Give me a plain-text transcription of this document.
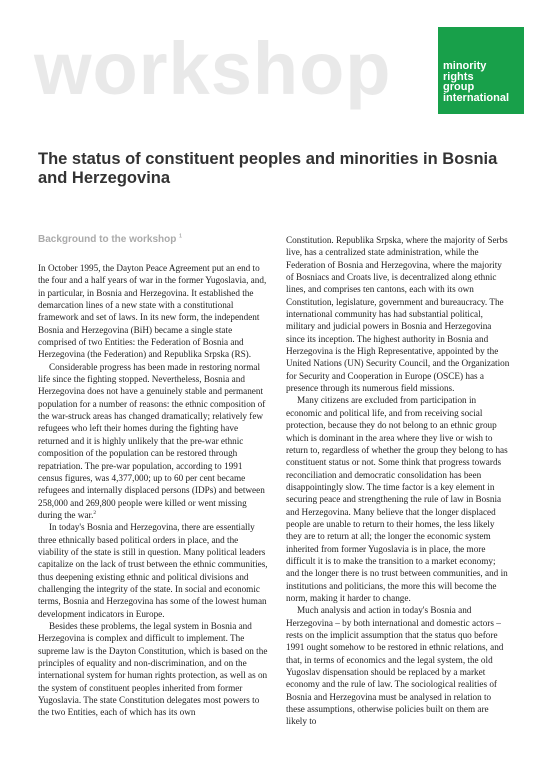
workshop	minority
rights
group
international
The status of constituent peoples and minorities in Bosnia and Herzegovina
Background to the workshop $^1$

In October 1995, the Dayton Peace Agreement put an end to the four and a half years of war in the former Yugoslavia, and, in particular, in Bosnia and Herzegovina. It established the demarcation lines of a new state with a constitutional framework and set of laws. In its new form, the independent Bosnia and Herzegovina (BiH) became a single state comprised of two Entities: the Federation of Bosnia and Herzegovina (the Federation) and Republika Srpska (RS).

Considerable progress has been made in restoring normal life since the fighting stopped. Nevertheless, Bosnia and Herzegovina does not have a genuinely stable and permanent population for a number of reasons: the ethnic composition of the war-struck areas has changed dramatically; relatively few refugees who left their homes during the fighting have returned and it is highly unlikely that the pre-war ethnic composition of the population can be restored through repatriation. The pre-war population, according to 1991 census figures, was 4,377,000; up to 60 per cent became refugees and internally displaced persons (IDPs) and between 258,000 and 269,800 people were killed or went missing during the war.$^2$

In today's Bosnia and Herzegovina, there are essentially three ethnically based political orders in place, and the viability of the state is still in question. Many political leaders capitalize on the lack of trust between the ethnic communities, thus deepening existing ethnic and political divisions and challenging the integrity of the state. In social and economic terms, Bosnia and Herzegovina has some of the lowest human development indicators in Europe.

Besides these problems, the legal system in Bosnia and Herzegovina is complex and difficult to implement. The supreme law is the Dayton Constitution, which is based on the principles of equality and non-discrimination, and on the international system for human rights protection, as well as on the system of constituent peoples inherited from former Yugoslavia. The state Constitution delegates most powers to the two Entities, each of which has its own

Constitution. Republika Srpska, where the majority of Serbs live, has a centralized state administration, while the Federation of Bosnia and Herzegovina, where the majority of Bosniacs and Croats live, is decentralized along ethnic lines, and comprises ten cantons, each with its own Constitution, legislature, government and bureaucracy. The international community has had substantial political, military and judicial powers in Bosnia and Herzegovina since its inception. The highest authority in Bosnia and Herzegovina is the High Representative, appointed by the United Nations (UN) Security Council, and the Organization for Security and Cooperation in Europe (OSCE) has a presence through its numerous field missions.

Many citizens are excluded from participation in economic and political life, and from receiving social protection, because they do not belong to an ethnic group which is dominant in the area where they live or wish to return to, regardless of whether the group they belong to has constituent status or not. Some think that progress towards reconciliation and democratic consolidation has been disappointingly slow. The time factor is a key element in securing peace and strengthening the rule of law in Bosnia and Herzegovina. Many believe that the longer displaced people are unable to return to their homes, the less likely they are to return at all; the longer the economic system inherited from former Yugoslavia is in place, the more difficult it is to make the transition to a market economy; and the longer there is no trust between communities, and in institutions and politicians, the more this will become the norm, making it harder to change.

Much analysis and action in today's Bosnia and Herzegovina – by both international and domestic actors – rests on the implicit assumption that the status quo before 1991 ought somehow to be restored in ethnic relations, and that, in terms of economics and the legal system, the old Yugoslav dispensation should be replaced by a market economy and the rule of law. The sociological realities of Bosnia and Herzegovina must be analysed in relation to these assumptions, otherwise policies built on them are likely to
